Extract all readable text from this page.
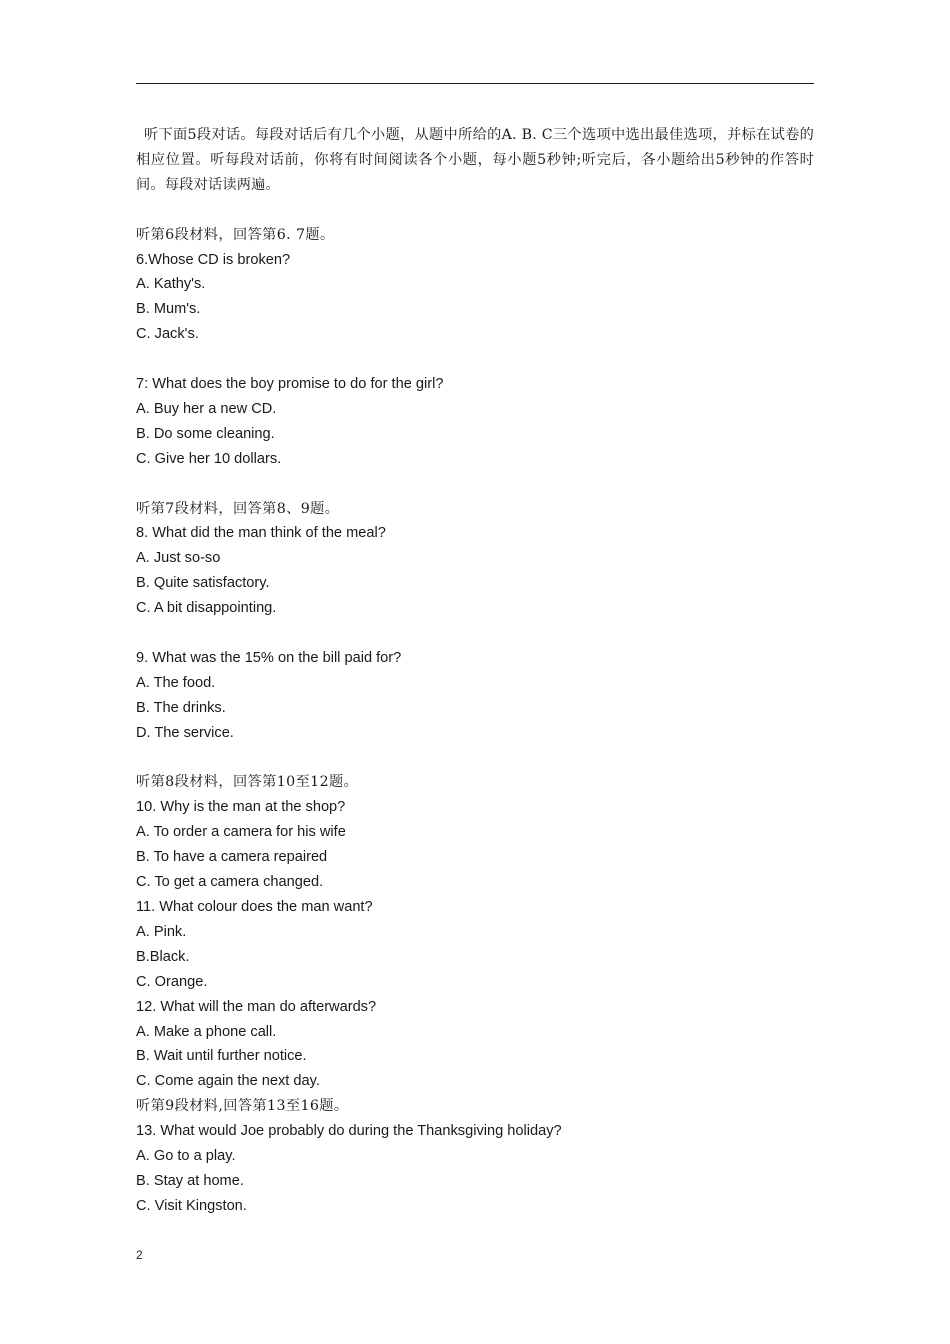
听下面5段对话。每段对话后有几个小题，从题中所给的A. B. C三个选项中选出最佳选项，并标在试卷的相应位置。听每段对话前，你将有时间阅读各个小题，每小题5秒钟;听完后，各小题给出5秒钟的作答时间。每段对话读两遍。

听第6段材料，回答第6. 7题。
6.Whose CD is broken?
A. Kathy's.
B. Mum's.
C. Jack's.
7: What does the boy promise to do for the girl?
A. Buy her a new CD.
B. Do some cleaning.
C. Give her 10 dollars.
听第7段材料，回答第8、9题。
8. What did the man think of the meal?
A. Just so-so
B. Quite satisfactory.
C. A bit disappointing.
9. What was the 15% on the bill paid for?
A. The food.
B. The drinks.
D. The service.
听第8段材料，回答第10至12题。
10. Why is the man at the shop?
A. To order a camera for his wife
B. To have a camera repaired
C. To get a camera changed.
11. What colour does the man want?
A. Pink.
B.Black.
C. Orange.
12. What will the man do afterwards?
A. Make a phone call.
B. Wait until further notice.
C. Come again the next day.
听第9段材料,回答第13至16题。
13. What would Joe probably do during the Thanksgiving holiday?
A. Go to a play.
B. Stay at home.
C. Visit Kingston.
2
